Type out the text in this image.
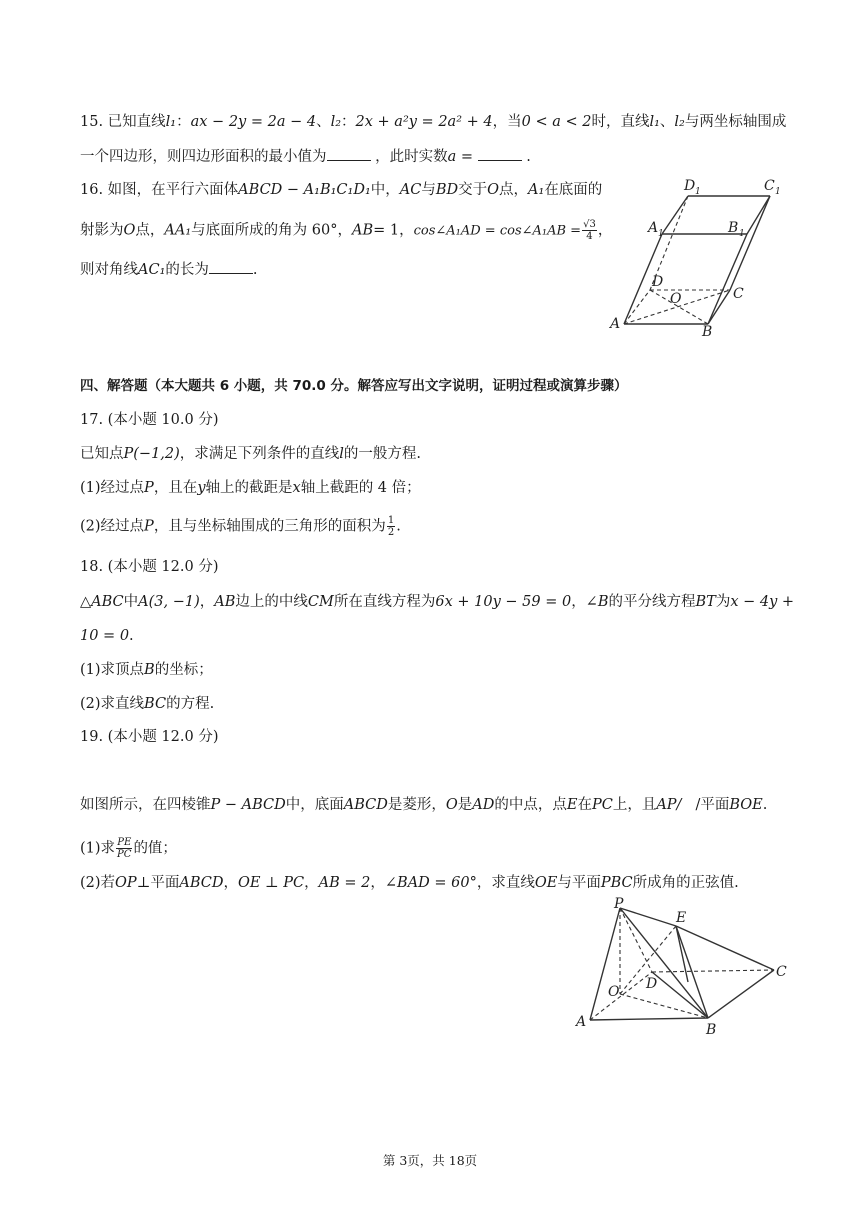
15. 已知直线l₁：ax − 2y = 2a − 4、l₂：2x + a²y = 2a² + 4，当0 < a < 2时，直线l₁、l₂与两坐标轴围成
一个四边形，则四边形面积的最小值为	，此时实数a =	.
16. 如图，在平行六面体ABCD − A₁B₁C₁D₁中，AC与BD交于O点，A₁在底面的
射影为O点，AA₁与底面所成的角为 60°，AB= 1，cos∠A₁AD = cos∠A₁AB = $\frac{√3}{4}$ ，
则对角线AC₁的长为	.
D 1	C 1
A 1	B 1
D
C
O
A	B
四、解答题（本大题共 6 小题，共 70.0 分。解答应写出文字说明，证明过程或演算步骤）
17. (本小题 10.0 分)
已知点P(−1,2)，求满足下列条件的直线l的一般方程.
(1)经过点P，且在y轴上的截距是x轴上截距的 4 倍；
(2)经过点P，且与坐标轴围成的三角形的面积为 $\frac{1}{2}$ .
18. (本小题 12.0 分)
△ABC中A(3, −1)，AB边上的中线CM所在直线方程为6x + 10y − 59 = 0，∠B的平分线方程BT为x − 4y +
10 = 0.
(1)求顶点B的坐标；
(2)求直线BC的方程.
19. (本小题 12.0 分)
如图所示，在四棱锥P − ABCD中，底面ABCD是菱形，O是AD的中点，点E在PC上，且AP/ /平面BOE.
(1)求 $\frac{PE}{PC}$ 的值；
(2)若OP⊥平面ABCD，OE ⊥ PC，AB = 2，∠BAD = 60°，求直线OE与平面PBC所成角的正弦值.
P
E
C
D
O
A	B
第 3页，共 18页
